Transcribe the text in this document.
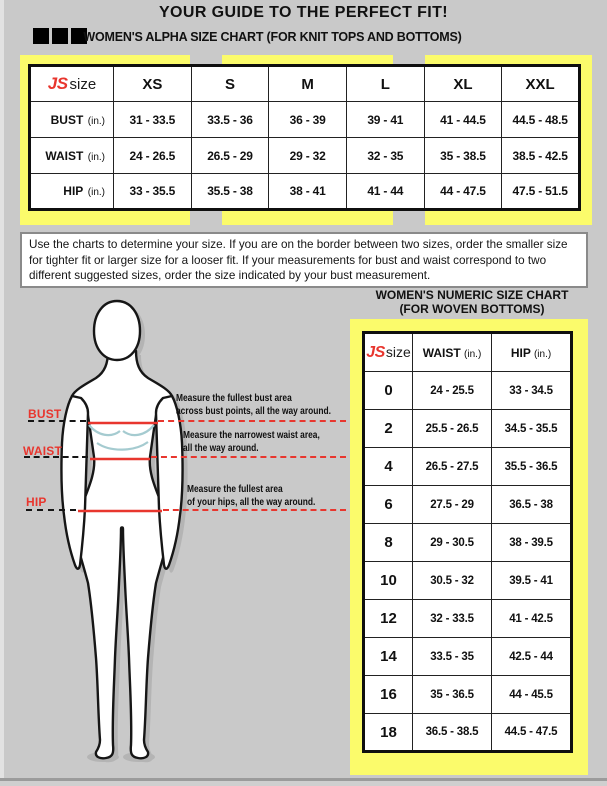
YOUR GUIDE TO THE PERFECT FIT!
WOMEN'S ALPHA SIZE CHART (FOR KNIT TOPS AND BOTTOMS)
JS size	XS	S	M	L	XL	XXL
BUST (in.)	31 - 33.5	33.5 - 36	36 - 39	39 - 41	41 - 44.5	44.5 - 48.5
WAIST (in.)	24 - 26.5	26.5 - 29	29 - 32	32 - 35	35 - 38.5	38.5 - 42.5
HIP (in.)	33 - 35.5	35.5 - 38	38 - 41	41 - 44	44 - 47.5	47.5 - 51.5
Use the charts to determine your size. If you are on the border between two sizes, order the smaller size for tighter fit or larger size for a looser fit. If your measurements for bust and waist correspond to two different suggested sizes, order the size indicated by your bust measurement.
BUST
WAIST
HIP
Measure the fullest bust area
across bust points, all the way around.
Measure the narrowest waist area,
all the way around.
Measure the fullest area
of your hips, all the way around.
WOMEN'S NUMERIC SIZE CHART
(FOR WOVEN BOTTOMS)
JSsize	WAIST (in.)	HIP (in.)
0	24 - 25.5	33 - 34.5
2	25.5 - 26.5	34.5 - 35.5
4	26.5 - 27.5	35.5 - 36.5
6	27.5 - 29	36.5 - 38
8	29 - 30.5	38 - 39.5
10	30.5 - 32	39.5 - 41
12	32 - 33.5	41 - 42.5
14	33.5 - 35	42.5 - 44
16	35 - 36.5	44 - 45.5
18	36.5 - 38.5	44.5 - 47.5
